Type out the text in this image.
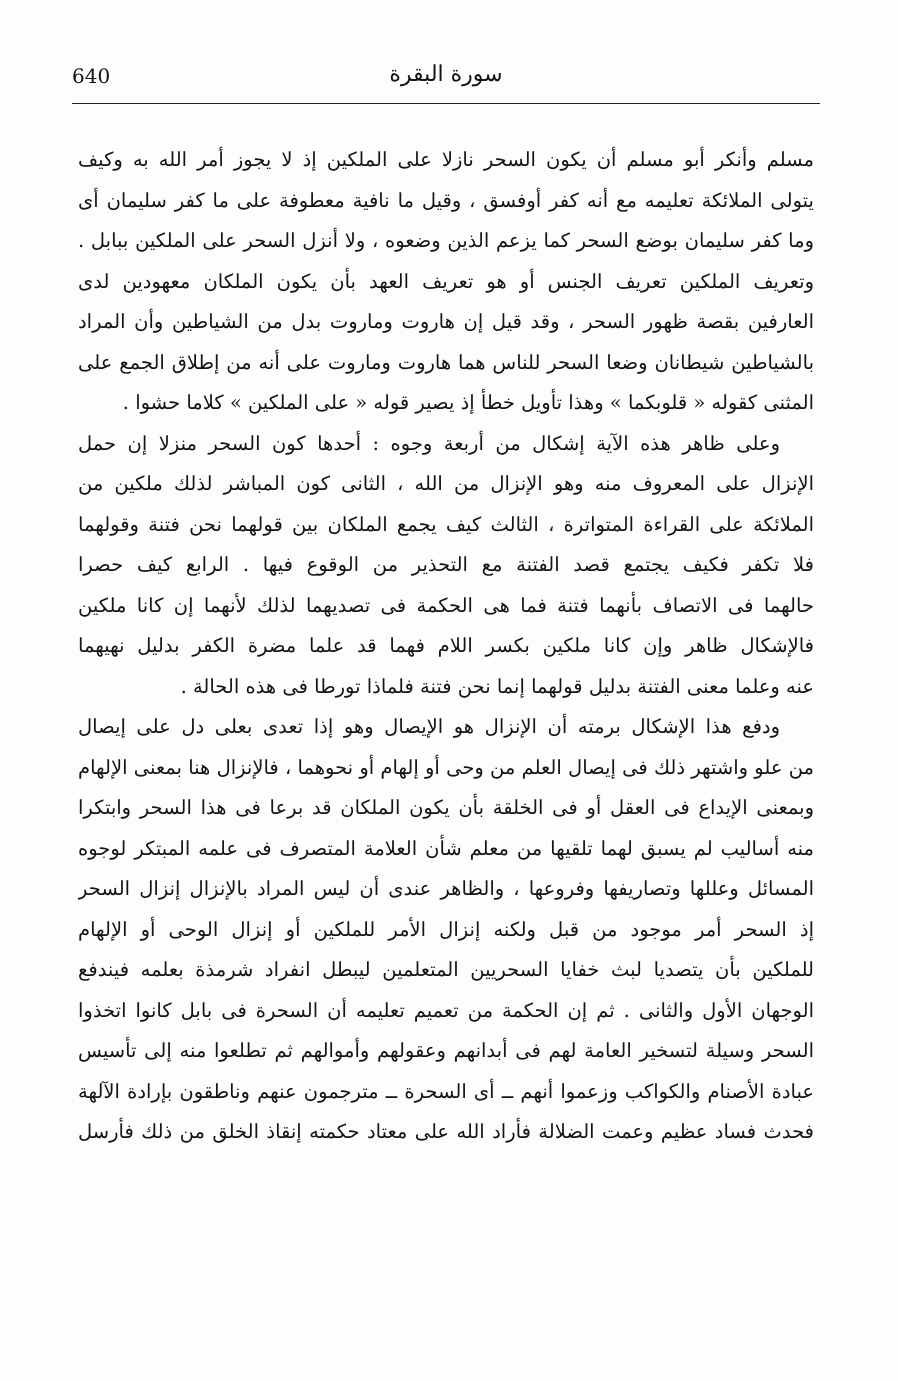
640	سورة البقرة
مسلم وأنكر أبو مسلم أن يكون السحر نازلا على الملكين إذ لا يجوز أمر الله به وكيف
يتولى الملائكة تعليمه مع أنه كفر أوفسق ، وقيل ما نافية معطوفة على ما كفر سليمان أى
وما كفر سليمان بوضع السحر كما يزعم الذين وضعوه ، ولا أنزل السحر على الملكين ببابل .
وتعريف الملكين تعريف الجنس أو هو تعريف العهد بأن يكون الملكان معهودين لدى
العارفين بقصة ظهور السحر ، وقد قيل إن هاروت وماروت بدل من الشياطين وأن المراد
بالشياطين شيطانان وضعا السحر للناس هما هاروت وماروت على أنه من إطلاق الجمع على
المثنى كقوله « قلوبكما » وهذا تأويل خطأ إذ يصير قوله « على الملكين » كلاما حشوا .
وعلى ظاهر هذه الآية إشكال من أربعة وجوه : أحدها كون السحر منزلا إن حمل
الإنزال على المعروف منه وهو الإنزال من الله ، الثانى كون المباشر لذلك ملكين من
الملائكة على القراءة المتواترة ، الثالث كيف يجمع الملكان بين قولهما نحن فتنة وقولهما
فلا تكفر فكيف يجتمع قصد الفتنة مع التحذير من الوقوع فيها . الرابع كيف حصرا
حالهما فى الاتصاف بأنهما فتنة فما هى الحكمة فى تصديهما لذلك لأنهما إن كانا ملكين
فالإشكال ظاهر وإن كانا ملكين بكسر اللام فهما قد علما مضرة الكفر بدليل نهيهما
عنه وعلما معنى الفتنة بدليل قولهما إنما نحن فتنة فلماذا تورطا فى هذه الحالة .
ودفع هذا الإشكال برمته أن الإنزال هو الإيصال وهو إذا تعدى بعلى دل على إيصال
من علو واشتهر ذلك فى إيصال العلم من وحى أو إلهام أو نحوهما ، فالإنزال هنا بمعنى الإلهام
وبمعنى الإيداع فى العقل أو فى الخلقة بأن يكون الملكان قد برعا فى هذا السحر وابتكرا
منه أساليب لم يسبق لهما تلقيها من معلم شأن العلامة المتصرف فى علمه المبتكر لوجوه
المسائل وعللها وتصاريفها وفروعها ، والظاهر عندى أن ليس المراد بالإنزال إنزال السحر
إذ السحر أمر موجود من قبل ولكنه إنزال الأمر للملكين أو إنزال الوحى أو الإلهام
للملكين بأن يتصديا لبث خفايا السحريين المتعلمين ليبطل انفراد شرمذة بعلمه فيندفع
الوجهان الأول والثانى . ثم إن الحكمة من تعميم تعليمه أن السحرة فى بابل كانوا اتخذوا
السحر وسيلة لتسخير العامة لهم فى أبدانهم وعقولهم وأموالهم ثم تطلعوا منه إلى تأسيس
عبادة الأصنام والكواكب وزعموا أنهم ــ أى السحرة ــ مترجمون عنهم وناطقون بإرادة الآلهة
فحدث فساد عظيم وعمت الضلالة فأراد الله على معتاد حكمته إنقاذ الخلق من ذلك فأرسل
